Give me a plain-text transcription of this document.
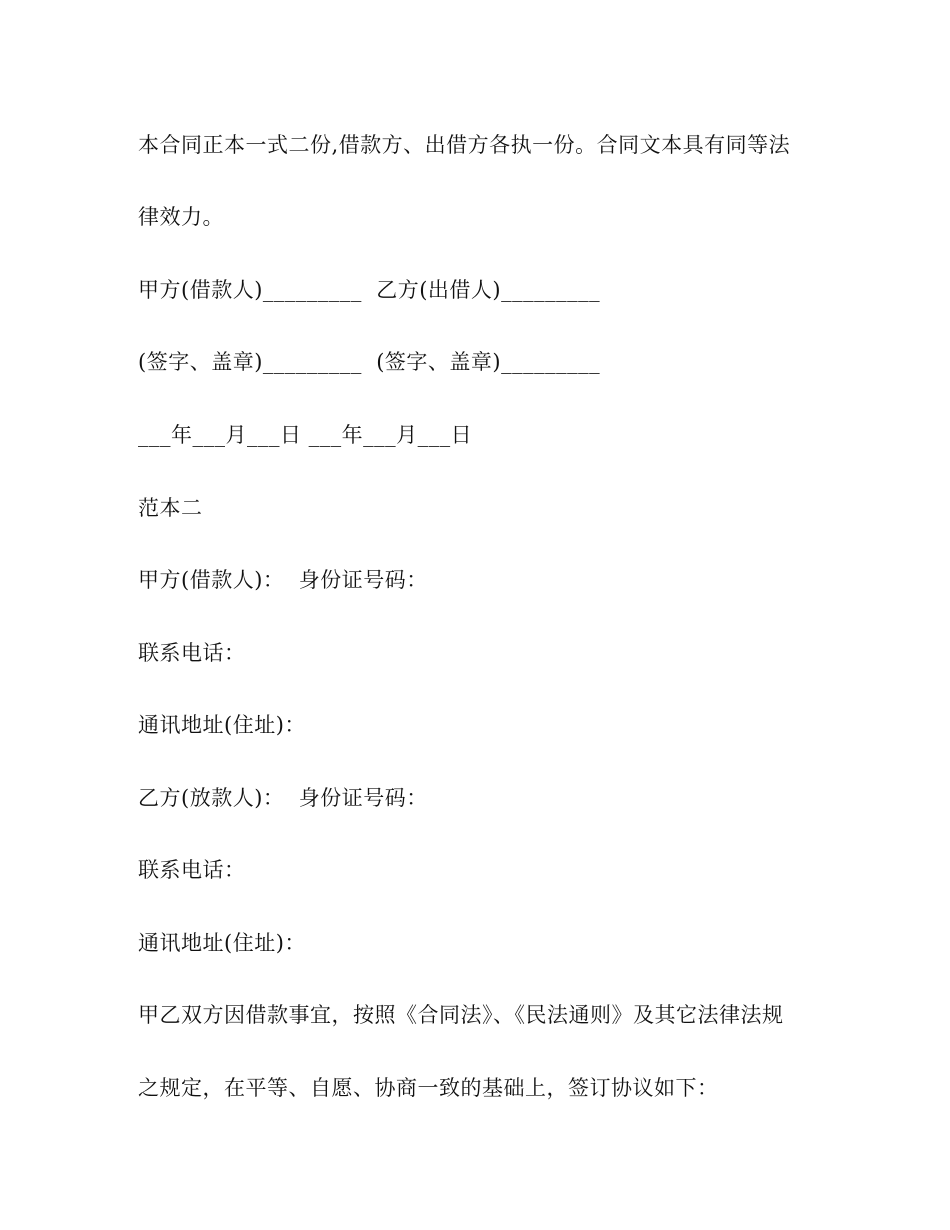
本合同正本一式二份,借款方、出借方各执一份。合同文本具有同等法
律效力。
甲方(借款人)_________  乙方(出借人)_________
(签字、盖章)_________  (签字、盖章)_________
___年___月___日 ___年___月___日
范本二
甲方(借款人)：  身份证号码：
联系电话：
通讯地址(住址)：
乙方(放款人)：  身份证号码：
联系电话：
通讯地址(住址)：
甲乙双方因借款事宜，按照《合同法》、《民法通则》及其它法律法规
之规定，在平等、自愿、协商一致的基础上，签订协议如下：
